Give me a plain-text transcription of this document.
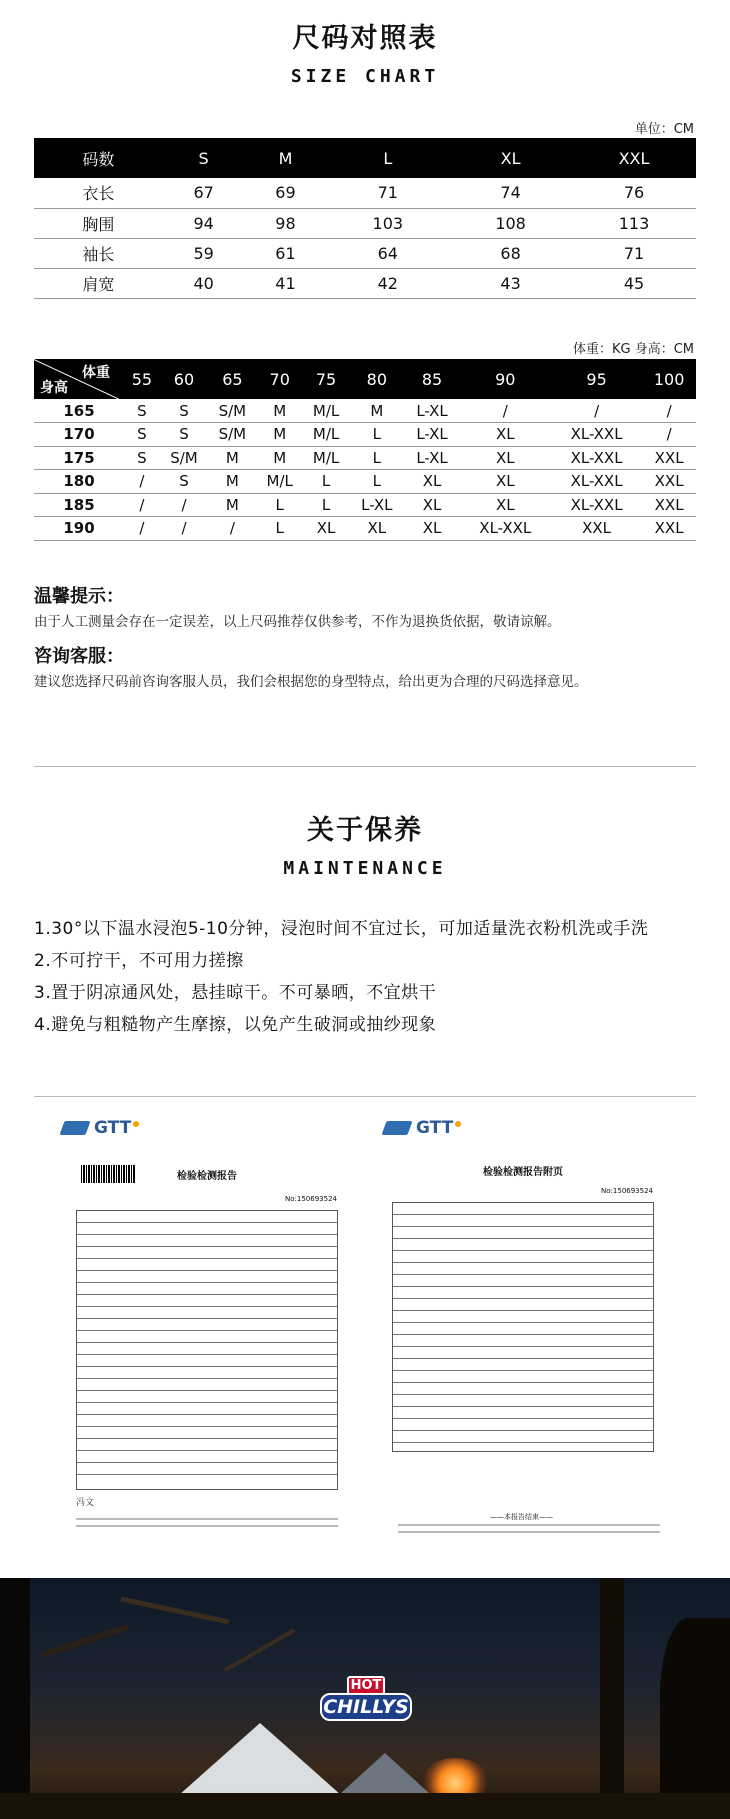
尺码对照表
SIZE CHART
单位：CM
码数	S	M	L	XL	XXL
衣长	67	69	71	74	76
胸围	94	98	103	108	113
袖长	59	61	64	68	71
肩宽	40	41	42	43	45
体重：KG 身高：CM
体重
身高	55	60	65	70	75	80	85	90	95	100
165	S	S	S/M	M	M/L	M	L-XL	/	/	/
170	S	S	S/M	M	M/L	L	L-XL	XL	XL-XXL	/
175	S	S/M	M	M	M/L	L	L-XL	XL	XL-XXL	XXL
180	/	S	M	M/L	L	L	XL	XL	XL-XXL	XXL
185	/	/	M	L	L	L-XL	XL	XL	XL-XXL	XXL
190	/	/	/	L	XL	XL	XL	XL-XXL	XXL	XXL
温馨提示：
由于人工测量会存在一定误差，以上尺码推荐仅供参考，不作为退换货依据，敬请谅解。
咨询客服：
建议您选择尺码前咨询客服人员，我们会根据您的身型特点，给出更为合理的尺码选择意见。
关于保养
MAINTENANCE
1.30°以下温水浸泡5-10分钟，浸泡时间不宜过长，可加适量洗衣粉机洗或手洗
2.不可拧干，不可用力搓擦
3.置于阴凉通风处，悬挂晾干。不可暴晒，不宜烘干
4.避免与粗糙物产生摩擦，以免产生破洞或抽纱现象
GTT
检验检测报告
No:150693524
冯文
GTT
检验检测报告附页
No:150693524
——本报告结束——
HOT
CHILLYS
